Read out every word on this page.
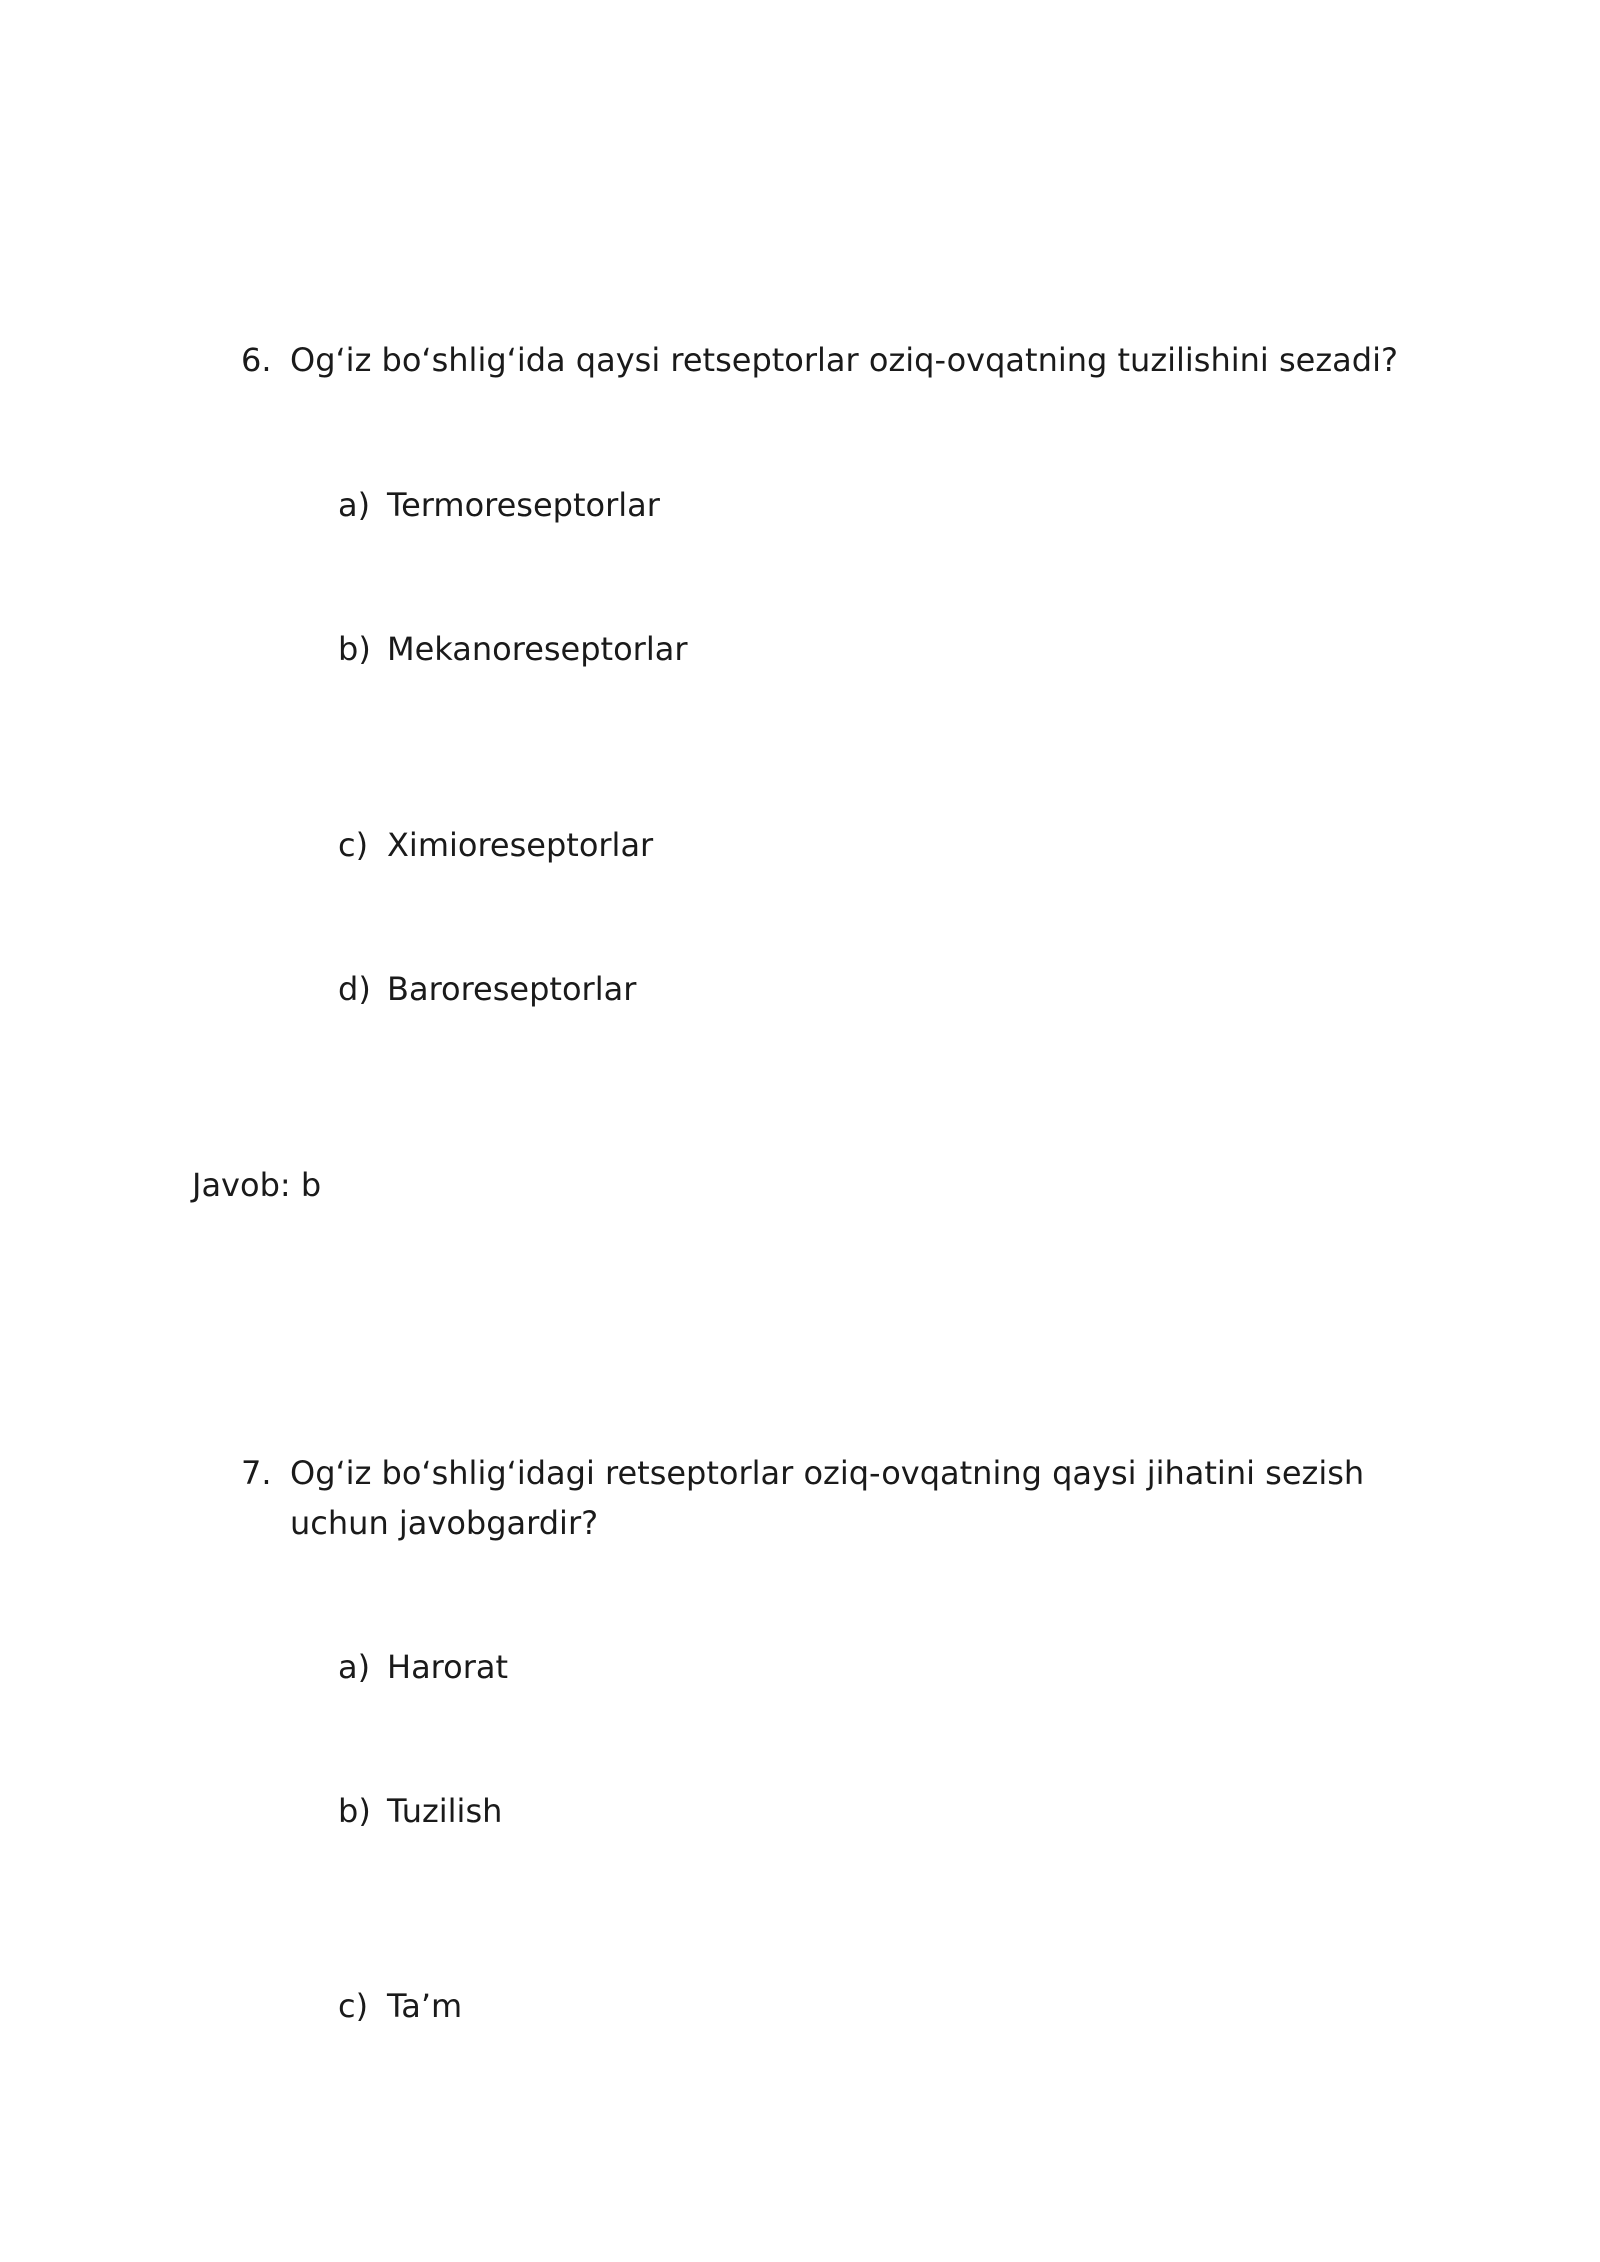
6. Og‘iz bo‘shlig‘ida qaysi retseptorlar oziq-ovqatning tuzilishini sezadi?
a) Termoreseptorlar
b) Mekanoreseptorlar
c) Ximioreseptorlar
d) Baroreseptorlar
Javob: b
7. Og‘iz bo‘shlig‘idagi retseptorlar oziq-ovqatning qaysi jihatini sezish uchun javobgardir?
a) Harorat
b) Tuzilish
c) Ta’m
